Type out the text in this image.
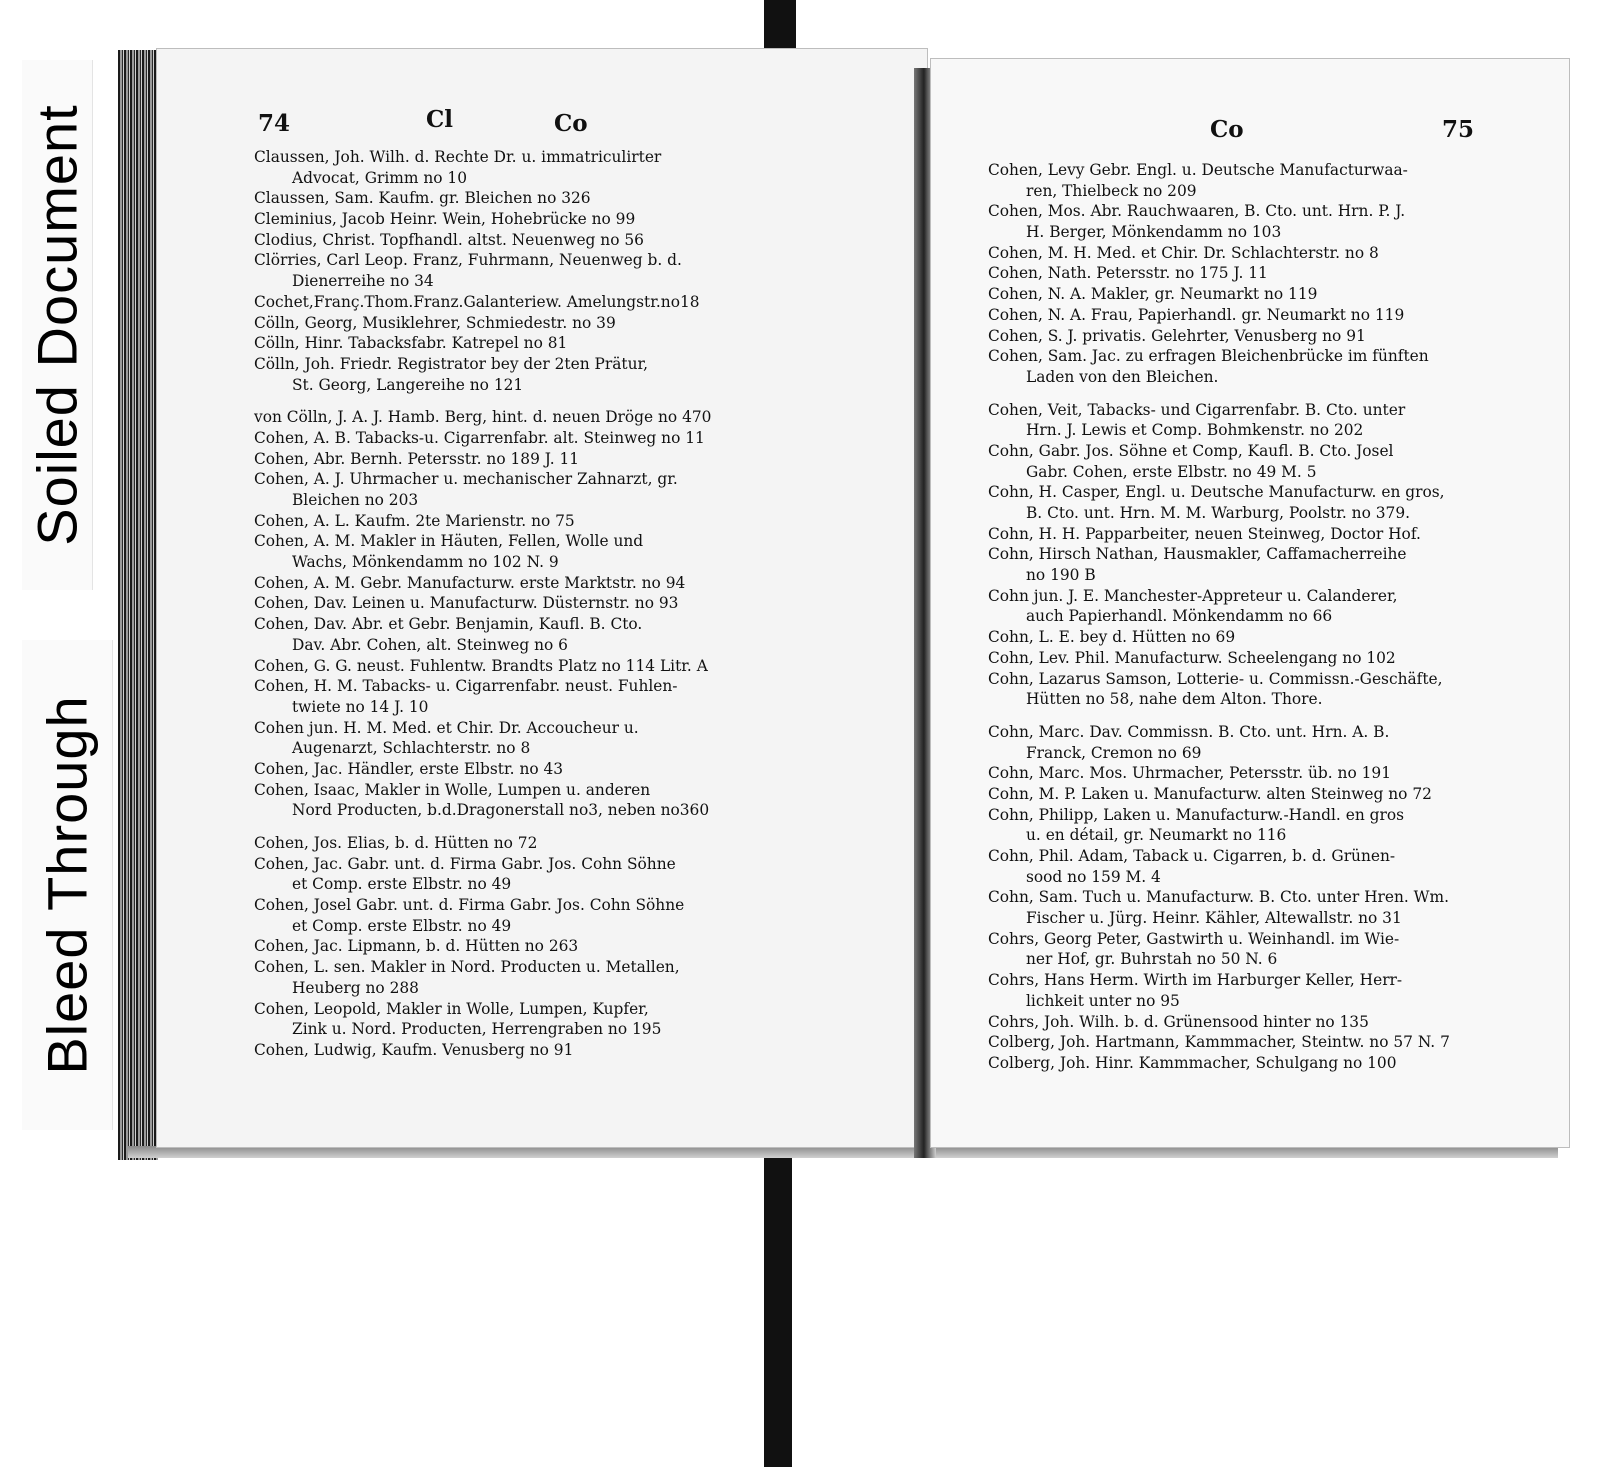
Soiled Document
Bleed Through
74	Cl	Co
Claussen, Joh. Wilh. d. Rechte Dr. u. immatriculirter
Advocat, Grimm no 10
Claussen, Sam. Kaufm. gr. Bleichen no 326
Cleminius, Jacob Heinr. Wein, Hohebrücke no 99
Clodius, Christ. Topfhandl. altst. Neuenweg no 56
Clörries, Carl Leop. Franz, Fuhrmann, Neuenweg b. d.
Dienerreihe no 34
Cochet,Franç.Thom.Franz.Galanteriew. Amelungstr.no18
Cölln, Georg, Musiklehrer, Schmiedestr. no 39
Cölln, Hinr. Tabacksfabr. Katrepel no 81
Cölln, Joh. Friedr. Registrator bey der 2ten Prätur,
St. Georg, Langereihe no 121
von Cölln, J. A. J. Hamb. Berg, hint. d. neuen Dröge no 470
Cohen, A. B. Tabacks-u. Cigarrenfabr. alt. Steinweg no 11
Cohen, Abr. Bernh. Petersstr. no 189 J. 11
Cohen, A. J. Uhrmacher u. mechanischer Zahnarzt, gr.
Bleichen no 203
Cohen, A. L. Kaufm. 2te Marienstr. no 75
Cohen, A. M. Makler in Häuten, Fellen, Wolle und
Wachs, Mönkendamm no 102 N. 9
Cohen, A. M. Gebr. Manufacturw. erste Marktstr. no 94
Cohen, Dav. Leinen u. Manufacturw. Düsternstr. no 93
Cohen, Dav. Abr. et Gebr. Benjamin, Kaufl. B. Cto.
Dav. Abr. Cohen, alt. Steinweg no 6
Cohen, G. G. neust. Fuhlentw. Brandts Platz no 114 Litr. A
Cohen, H. M. Tabacks- u. Cigarrenfabr. neust. Fuhlen-
twiete no 14 J. 10
Cohen jun. H. M. Med. et Chir. Dr. Accoucheur u.
Augenarzt, Schlachterstr. no 8
Cohen, Jac. Händler, erste Elbstr. no 43
Cohen, Isaac, Makler in Wolle, Lumpen u. anderen
Nord Producten, b.d.Dragonerstall no3, neben no360
Cohen, Jos. Elias, b. d. Hütten no 72
Cohen, Jac. Gabr. unt. d. Firma Gabr. Jos. Cohn Söhne
et Comp. erste Elbstr. no 49
Cohen, Josel Gabr. unt. d. Firma Gabr. Jos. Cohn Söhne
et Comp. erste Elbstr. no 49
Cohen, Jac. Lipmann, b. d. Hütten no 263
Cohen, L. sen. Makler in Nord. Producten u. Metallen,
Heuberg no 288
Cohen, Leopold, Makler in Wolle, Lumpen, Kupfer,
Zink u. Nord. Producten, Herrengraben no 195
Cohen, Ludwig, Kaufm. Venusberg no 91
Co	75
Cohen, Levy Gebr. Engl. u. Deutsche Manufacturwaa-
ren, Thielbeck no 209
Cohen, Mos. Abr. Rauchwaaren, B. Cto. unt. Hrn. P. J.
H. Berger, Mönkendamm no 103
Cohen, M. H. Med. et Chir. Dr. Schlachterstr. no 8
Cohen, Nath. Petersstr. no 175 J. 11
Cohen, N. A. Makler, gr. Neumarkt no 119
Cohen, N. A. Frau, Papierhandl. gr. Neumarkt no 119
Cohen, S. J. privatis. Gelehrter, Venusberg no 91
Cohen, Sam. Jac. zu erfragen Bleichenbrücke im fünften
Laden von den Bleichen.
Cohen, Veit, Tabacks- und Cigarrenfabr. B. Cto. unter
Hrn. J. Lewis et Comp. Bohmkenstr. no 202
Cohn, Gabr. Jos. Söhne et Comp, Kaufl. B. Cto. Josel
Gabr. Cohen, erste Elbstr. no 49 M. 5
Cohn, H. Casper, Engl. u. Deutsche Manufacturw. en gros,
B. Cto. unt. Hrn. M. M. Warburg, Poolstr. no 379.
Cohn, H. H. Papparbeiter, neuen Steinweg, Doctor Hof.
Cohn, Hirsch Nathan, Hausmakler, Caffamacherreihe
no 190 B
Cohn jun. J. E. Manchester-Appreteur u. Calanderer,
auch Papierhandl. Mönkendamm no 66
Cohn, L. E. bey d. Hütten no 69
Cohn, Lev. Phil. Manufacturw. Scheelengang no 102
Cohn, Lazarus Samson, Lotterie- u. Commissn.-Geschäfte,
Hütten no 58, nahe dem Alton. Thore.
Cohn, Marc. Dav. Commissn. B. Cto. unt. Hrn. A. B.
Franck, Cremon no 69
Cohn, Marc. Mos. Uhrmacher, Petersstr. üb. no 191
Cohn, M. P. Laken u. Manufacturw. alten Steinweg no 72
Cohn, Philipp, Laken u. Manufacturw.-Handl. en gros
u. en détail, gr. Neumarkt no 116
Cohn, Phil. Adam, Taback u. Cigarren, b. d. Grünen-
sood no 159 M. 4
Cohn, Sam. Tuch u. Manufacturw. B. Cto. unter Hren. Wm.
Fischer u. Jürg. Heinr. Kähler, Altewallstr. no 31
Cohrs, Georg Peter, Gastwirth u. Weinhandl. im Wie-
ner Hof, gr. Buhrstah no 50 N. 6
Cohrs, Hans Herm. Wirth im Harburger Keller, Herr-
lichkeit unter no 95
Cohrs, Joh. Wilh. b. d. Grünensood hinter no 135
Colberg, Joh. Hartmann, Kammmacher, Steintw. no 57 N. 7
Colberg, Joh. Hinr. Kammmacher, Schulgang no 100
